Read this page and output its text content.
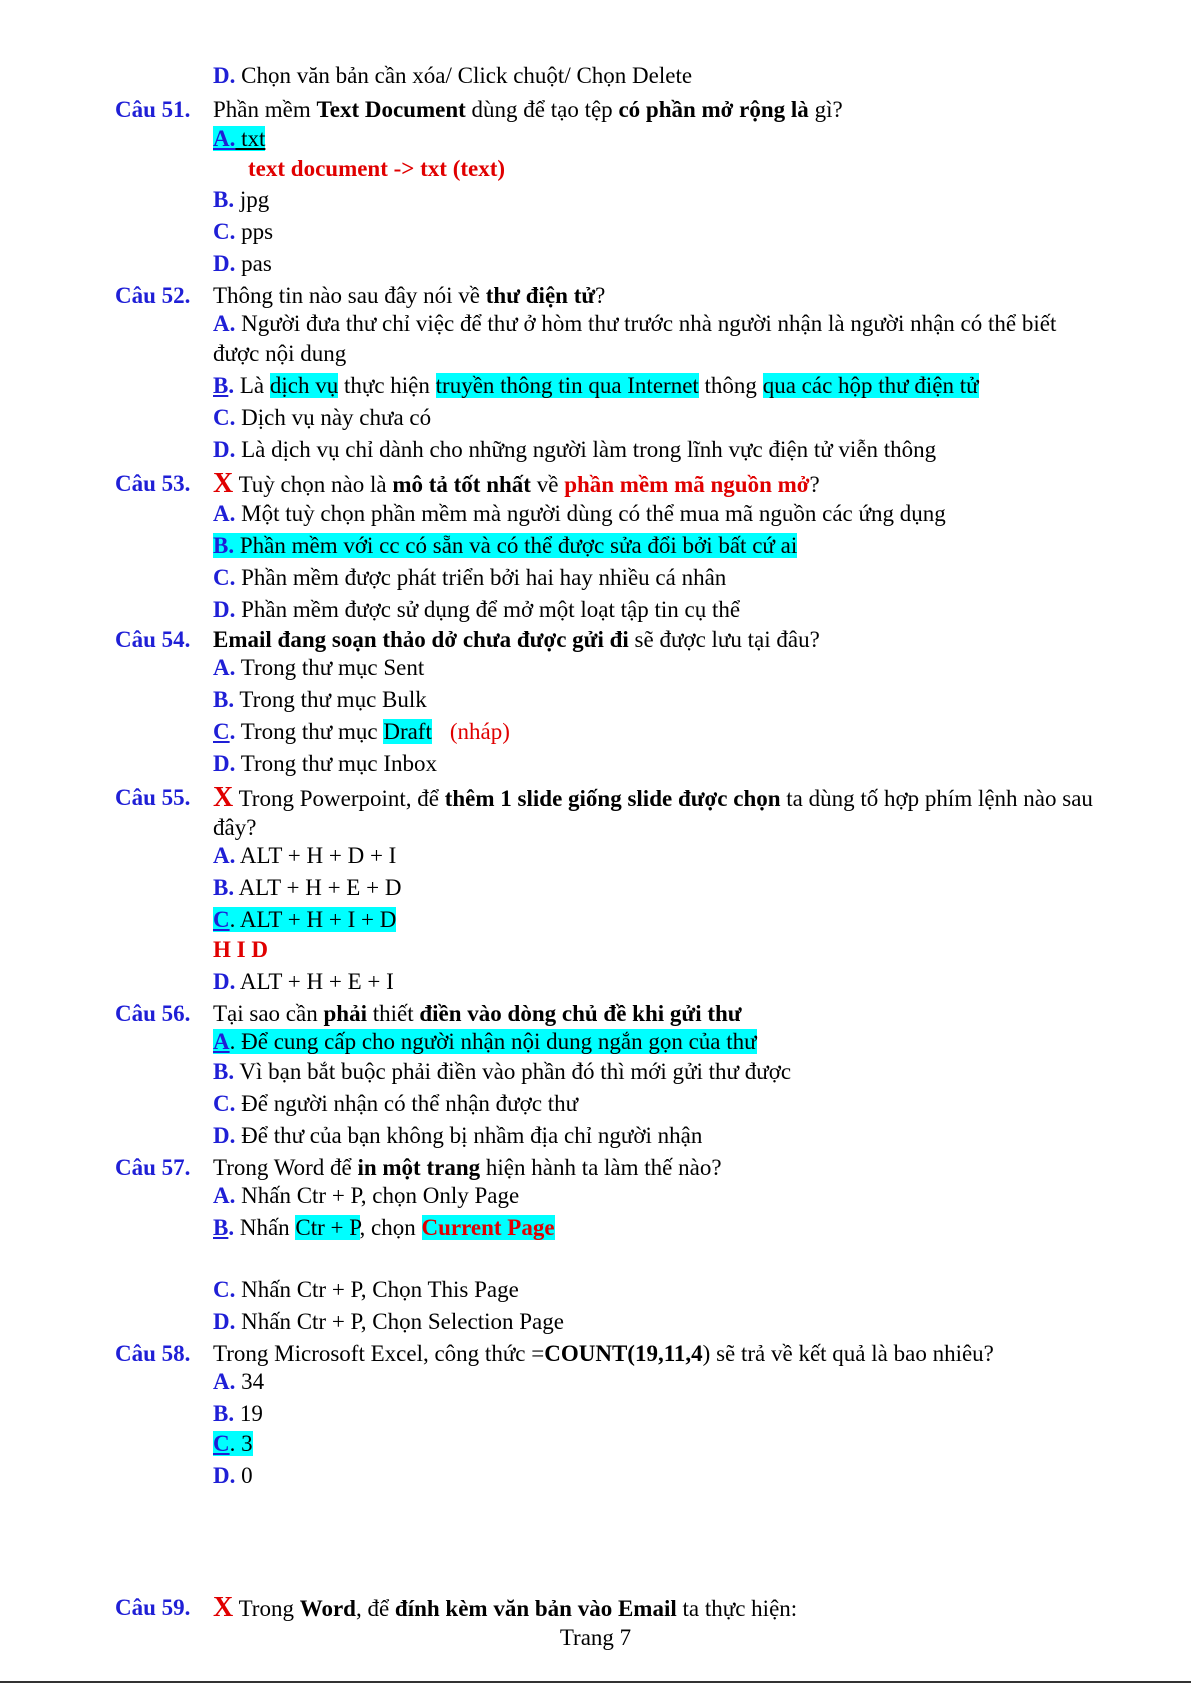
D. Chọn văn bản cần xóa/ Click chuột/ Chọn Delete
Câu 51. Phần mềm Text Document dùng để tạo tệp có phần mở rộng là gì?
A. txt
text document -> txt (text)
B. jpg
C. pps
D. pas
Câu 52. Thông tin nào sau đây nói về thư điện tử?
A. Người đưa thư chỉ việc để thư ở hòm thư trước nhà người nhận là người nhận có thể biết
được nội dung
B. Là dịch vụ thực hiện truyền thông tin qua Internet thông qua các hộp thư điện tử
C. Dịch vụ này chưa có
D. Là dịch vụ chỉ dành cho những người làm trong lĩnh vực điện tử viễn thông
Câu 53. X Tuỳ chọn nào là mô tả tốt nhất về phần mềm mã nguồn mở?
A. Một tuỳ chọn phần mềm mà người dùng có thể mua mã nguồn các ứng dụng
B. Phần mềm với cc có sẵn và có thể được sửa đổi bởi bất cứ ai
C. Phần mềm được phát triển bởi hai hay nhiều cá nhân
D. Phần mềm được sử dụng để mở một loạt tập tin cụ thể
Câu 54. Email đang soạn thảo dở chưa được gửi đi sẽ được lưu tại đâu?
A. Trong thư mục Sent
B. Trong thư mục Bulk
C. Trong thư mục Draft (nháp)
D. Trong thư mục Inbox
Câu 55. X Trong Powerpoint, để thêm 1 slide giống slide được chọn ta dùng tố hợp phím lệnh nào sau
đây?
A. ALT + H + D + I
B. ALT + H + E + D
C. ALT + H + I + D
H I D
D. ALT + H + E + I
Câu 56. Tại sao cần phải thiết điền vào dòng chủ đề khi gửi thư
A. Để cung cấp cho người nhận nội dung ngắn gọn của thư
B. Vì bạn bắt buộc phải điền vào phần đó thì mới gửi thư được
C. Để người nhận có thể nhận được thư
D. Để thư của bạn không bị nhầm địa chỉ người nhận
Câu 57. Trong Word để in một trang hiện hành ta làm thế nào?
A. Nhấn Ctr + P, chọn Only Page
B. Nhấn Ctr + P, chọn Current Page
C. Nhấn Ctr + P, Chọn This Page
D. Nhấn Ctr + P, Chọn Selection Page
Câu 58. Trong Microsoft Excel, công thức =COUNT(19,11,4) sẽ trả về kết quả là bao nhiêu?
A. 34
B. 19
C. 3
D. 0
Câu 59. X Trong Word, để đính kèm văn bản vào Email ta thực hiện:
Trang 7
